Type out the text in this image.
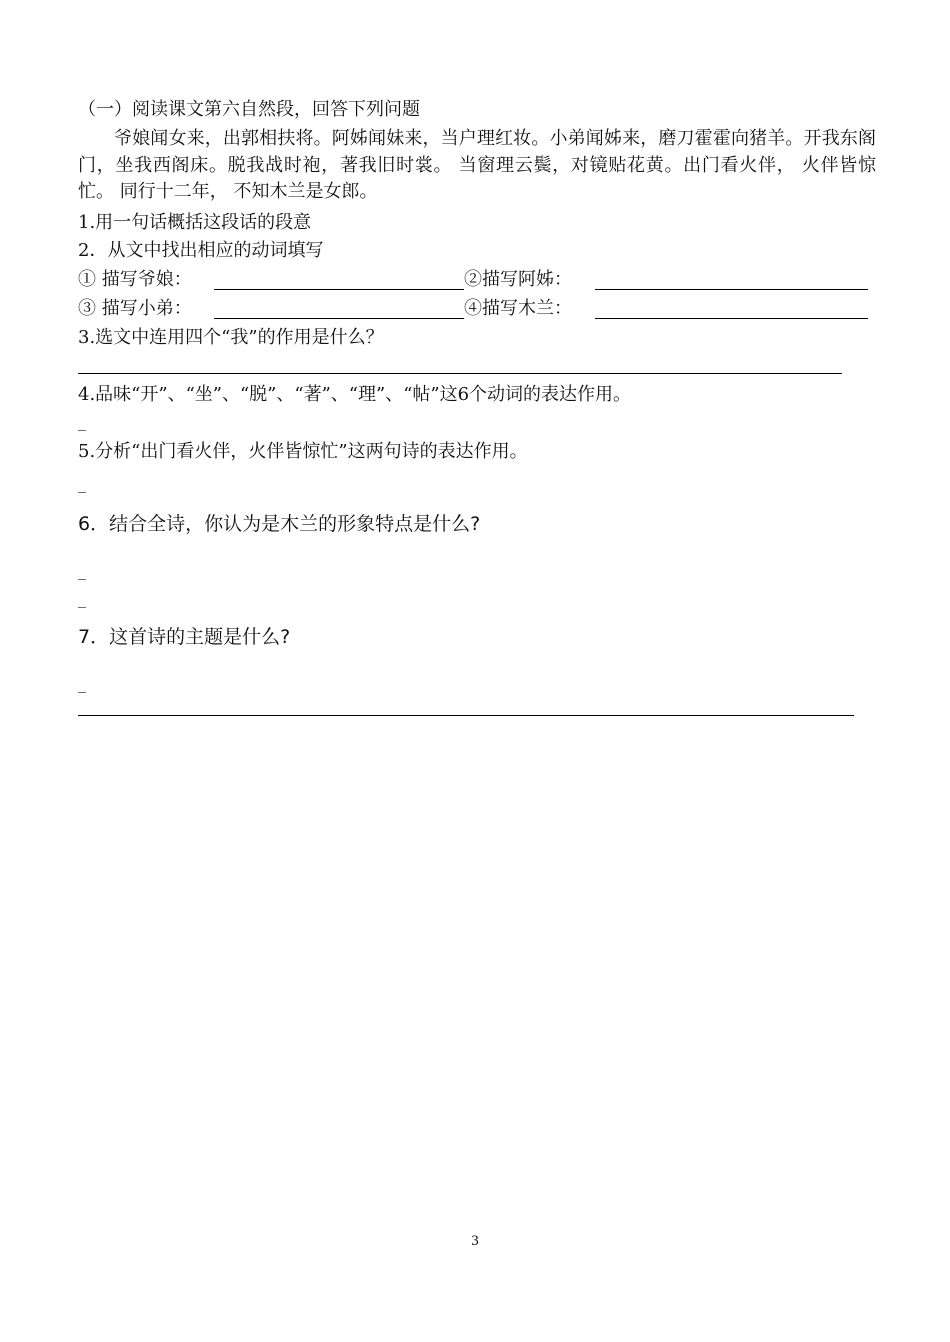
（一）阅读课文第六自然段，回答下列问题
爷娘闻女来，出郭相扶将。阿姊闻妹来，当户理红妆。小弟闻姊来，磨刀霍霍向猪羊。开我东阁门，坐我西阁床。脱我战时袍，著我旧时裳。 当窗理云鬓，对镜贴花黄。出门看火伴， 火伴皆惊忙。 同行十二年， 不知木兰是女郎。
1.用一句话概括这段话的段意
2．从文中找出相应的动词填写
① 描写爷娘：	②描写阿姊：
③ 描写小弟：	④描写木兰：
3.选文中连用四个“我”的作用是什么？
4.品味“开”、“坐”、“脱”、“著”、“理”、“帖”这6个动词的表达作用。
_
5.分析“出门看火伴，火伴皆惊忙”这两句诗的表达作用。
_
6．结合全诗，你认为是木兰的形象特点是什么?
_
_
7．这首诗的主题是什么?
_
3
